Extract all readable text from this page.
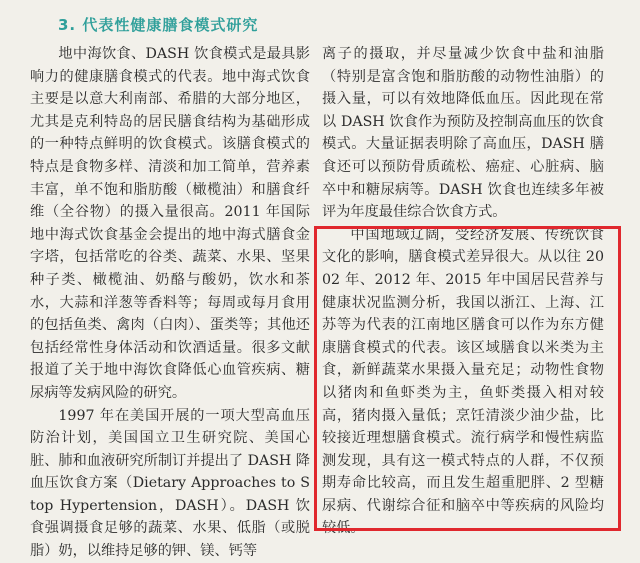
3. 代表性健康膳食模式研究

地中海饮食、DASH 饮食模式是最具影响力的健康膳食模式的代表。地中海式饮食主要是以意大利南部、希腊的大部分地区，尤其是克利特岛的居民膳食结构为基础形成的一种特点鲜明的饮食模式。该膳食模式的特点是食物多样、清淡和加工简单，营养素丰富，单不饱和脂肪酸（橄榄油）和膳食纤维（全谷物）的摄入量很高。2011 年国际地中海式饮食基金会提出的地中海式膳食金字塔，包括常吃的谷类、蔬菜、水果、坚果种子类、橄榄油、奶酪与酸奶，饮水和茶水，大蒜和洋葱等香料等；每周或每月食用的包括鱼类、禽肉（白肉）、蛋类等；其他还包括经常性身体活动和饮酒适量。很多文献报道了关于地中海饮食降低心血管疾病、糖尿病等发病风险的研究。

1997 年在美国开展的一项大型高血压防治计划，美国国立卫生研究院、美国心脏、肺和血液研究所制订并提出了 DASH 降血压饮食方案（Dietary Approaches to Stop Hypertension，DASH）。DASH 饮食强调摄食足够的蔬菜、水果、低脂（或脱脂）奶，以维持足够的钾、镁、钙等

离子的摄取，并尽量减少饮食中盐和油脂（特别是富含饱和脂肪酸的动物性油脂）的摄入量，可以有效地降低血压。因此现在常以 DASH 饮食作为预防及控制高血压的饮食模式。大量证据表明除了高血压，DASH 膳食还可以预防骨质疏松、癌症、心脏病、脑卒中和糖尿病等。DASH 饮食也连续多年被评为年度最佳综合饮食方式。

中国地域辽阔，受经济发展、传统饮食文化的影响，膳食模式差异很大。从以往 2002 年、2012 年、2015 年中国居民营养与健康状况监测分析，我国以浙江、上海、江苏等为代表的江南地区膳食可以作为东方健康膳食模式的代表。该区域膳食以米类为主食，新鲜蔬菜水果摄入量充足；动物性食物以猪肉和鱼虾类为主，鱼虾类摄入相对较高，猪肉摄入量低；烹饪清淡少油少盐，比较接近理想膳食模式。流行病学和慢性病监测发现，具有这一模式特点的人群，不仅预期寿命比较高，而且发生超重肥胖、2 型糖尿病、代谢综合征和脑卒中等疾病的风险均较低。
